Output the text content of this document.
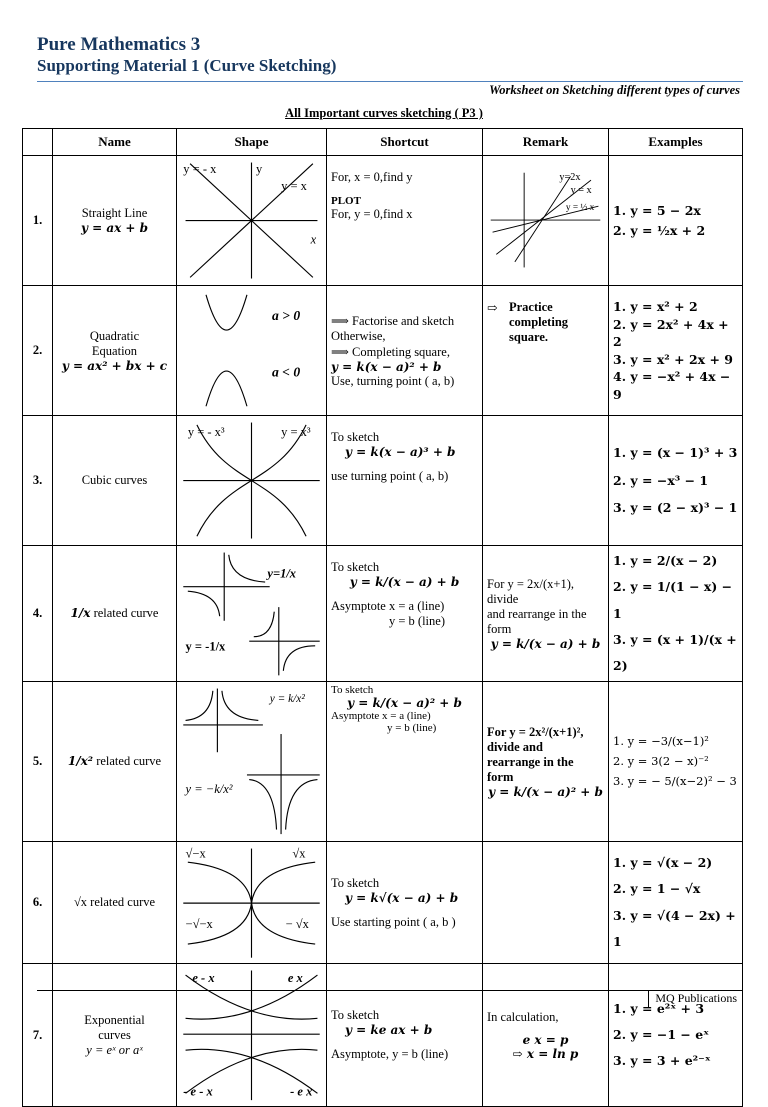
Pure Mathematics 3
Supporting Material 1 (Curve Sketching)
Worksheet on Sketching different types of curves
All Important curves sketching ( P3 )
	Name	Shape	Shortcut	Remark	Examples
1.	Straight Line
y = ax + b	y = - x y
y = x
x	For, x = 0,find y
PLOT
For, y = 0,find x	y=2x
y = x
y = ½ x	1. y = 5 − 2x
2. y = ½x + 2

2.	Quadratic
Equation
y = ax² + bx + c	a > 0
a < 0	⟹ Factorise and sketch
Otherwise,
⟹ Completing square,
y = k(x − a)² + b
Use, turning point ( a, b)	⇨ Practice
completing
square.	1. y = x² + 2
2. y = 2x² + 4x + 2
3. y = x² + 2x + 9
4. y = −x² + 4x − 9

3.	Cubic curves	y = - x³ y = x³	To sketch
y = k(x − a)³ + b
use turning point ( a, b)		1. y = (x − 1)³ + 3
2. y = −x³ − 1
3. y = (2 − x)³ − 1

4.	1/x related curve	y=1/x
y = -1/x	To sketch
y = k/(x − a) + b
Asymptote x = a (line)
y = b (line)	For y = 2x/(x+1), divide
and rearrange in the
form
y = k/(x − a) + b	1. y = 2/(x − 2)
2. y = 1/(1 − x) − 1
3. y = (x + 1)/(x + 2)

5.	1/x² related curve	y = k/x²
y = −k/x²	To sketch
y = k/(x − a)² + b
Asymptote x = a (line)
y = b (line)	For y = 2x²/(x+1)²,
divide and
rearrange in the
form
y = k/(x − a)² + b	1. y = −3/(x−1)²
2. y = 3(2 − x)⁻²
3. y = − 5/(x−2)² − 3

6.	√x related curve	√−x √x
−√−x − √x	To sketch
y = k√(x − a) + b
Use starting point ( a, b )		1. y = √(x − 2)
2. y = 1 − √x
3. y = √(4 − 2x) + 1

7.	Exponential
curves
y = eˣ or aˣ	e - x e x
- e - x - e x	To sketch
y = ke ax + b
Asymptote, y = b (line)	In calculation,
e x = p
⇨ x = ln p	1. y = e²ˣ + 3
2. y = −1 − eˣ
3. y = 3 + e²⁻ˣ
MQ Publications
